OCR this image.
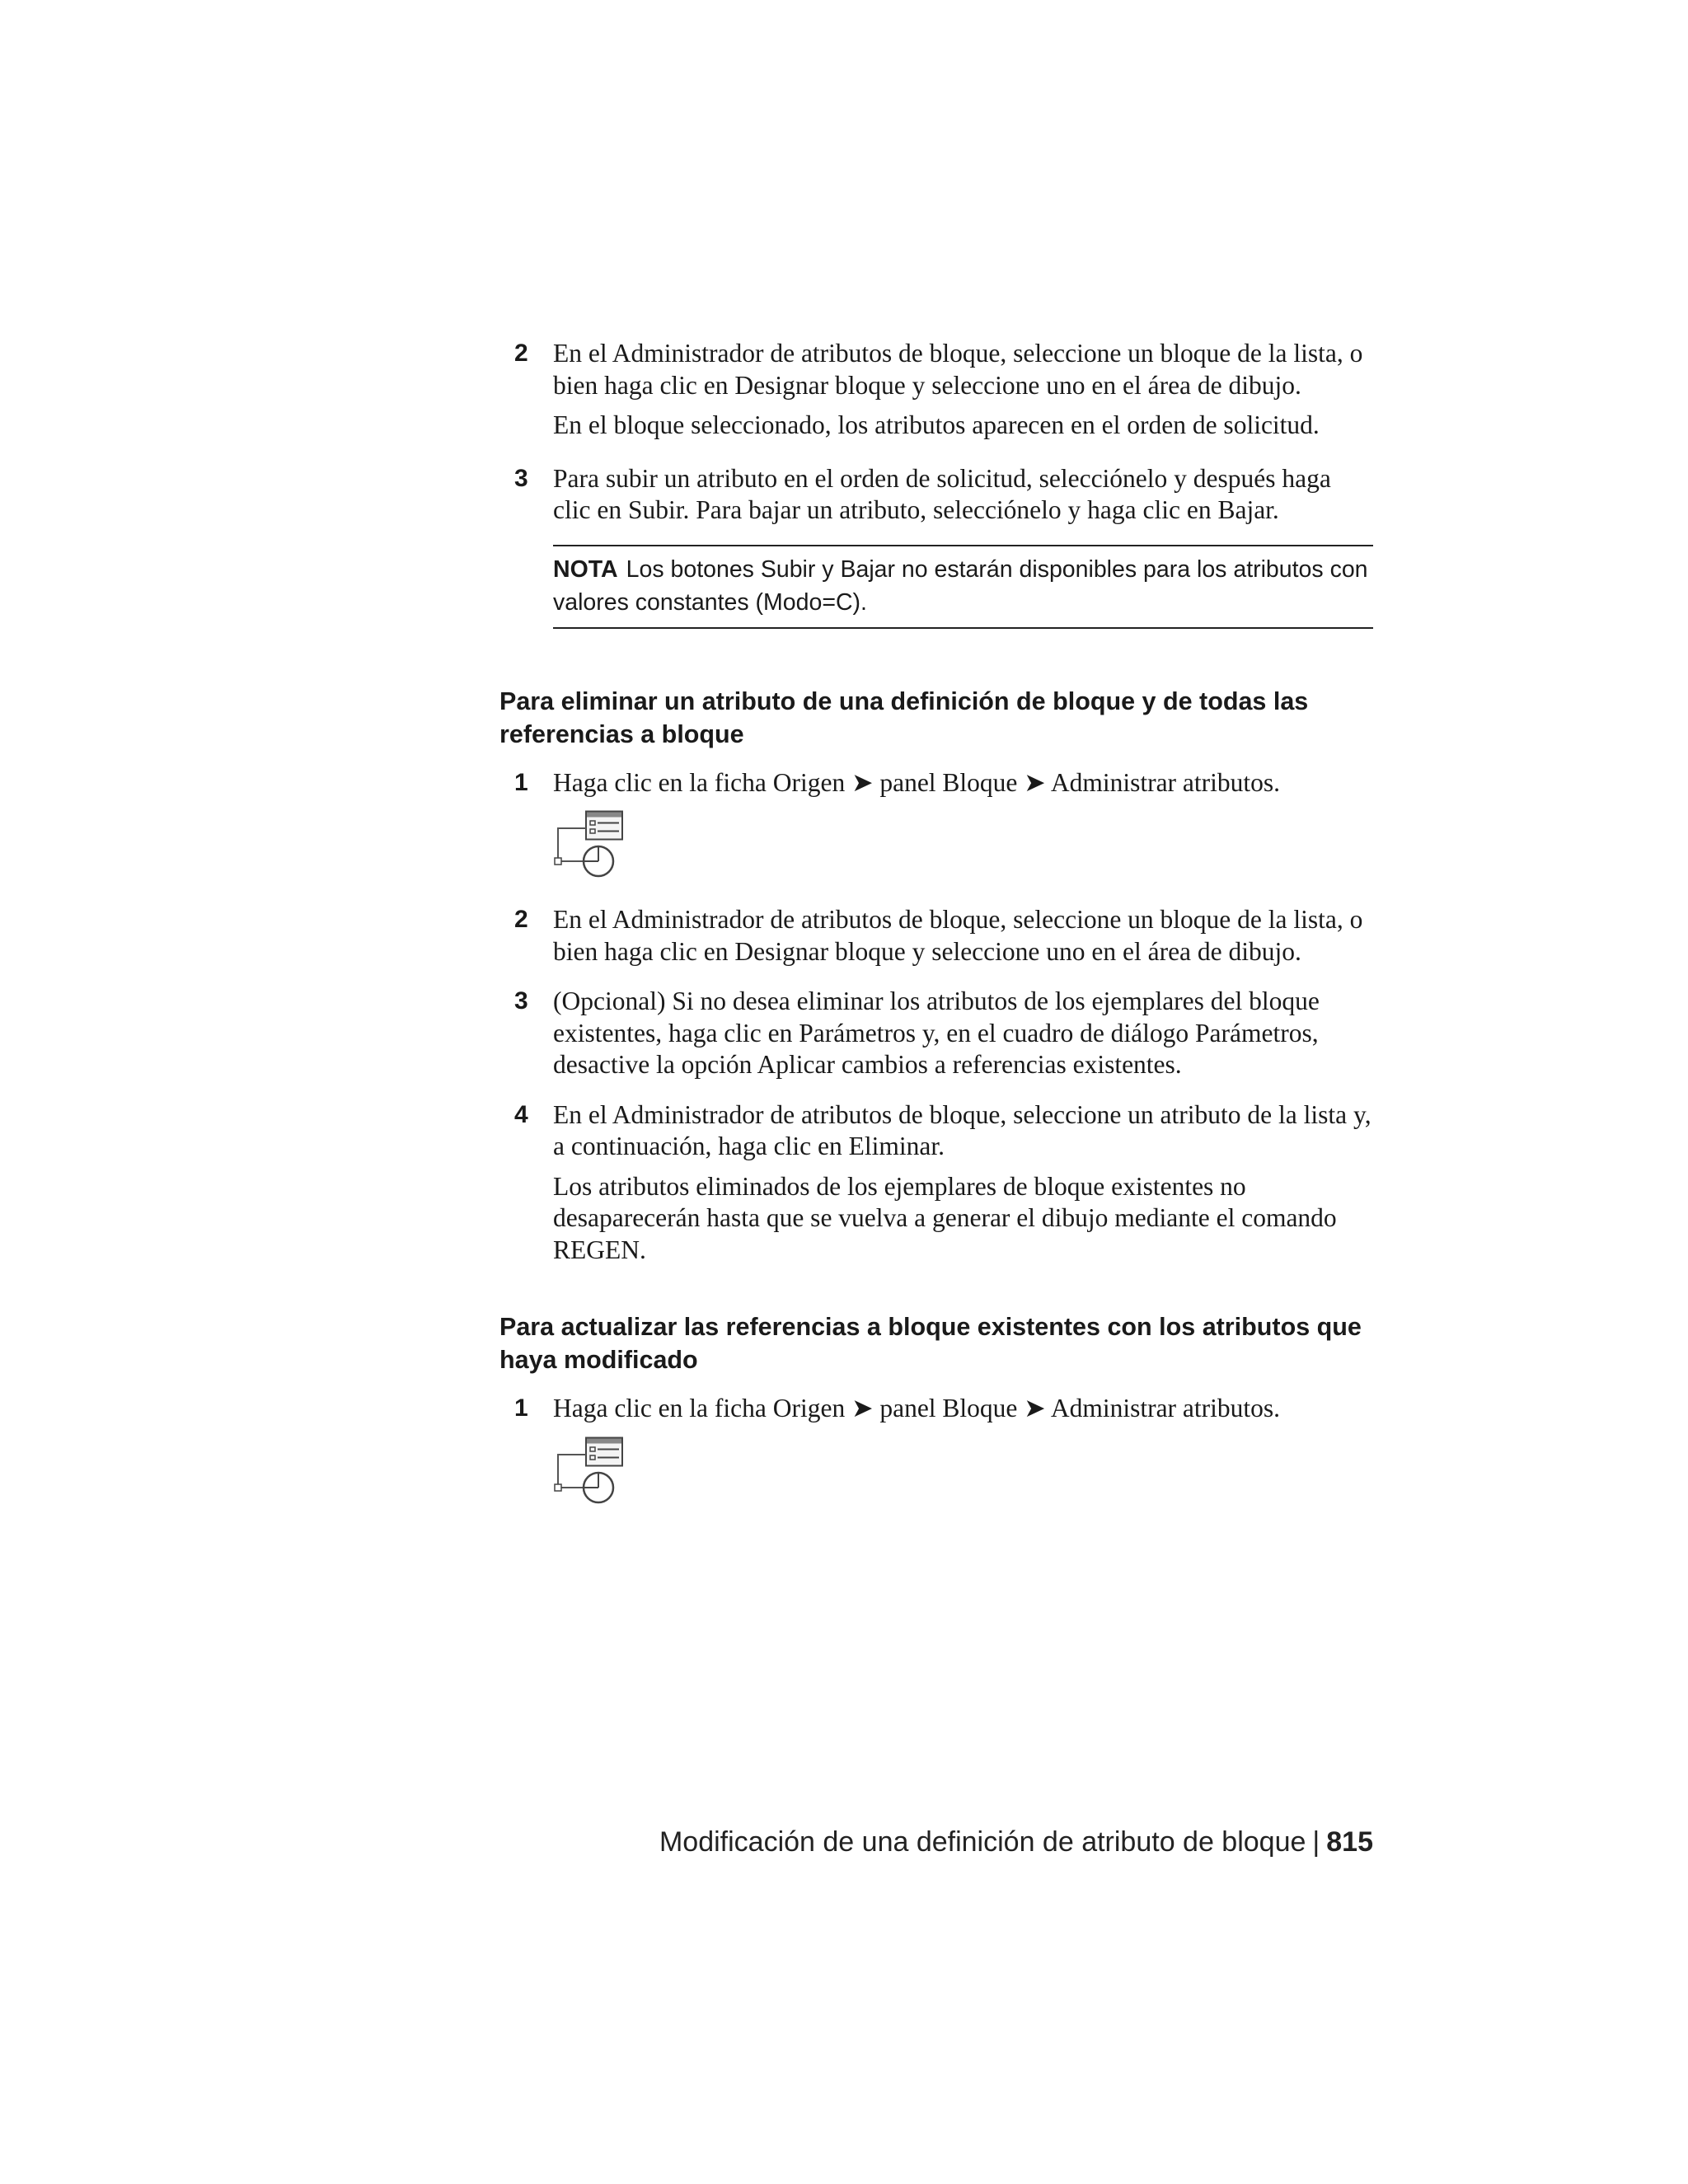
2 En el Administrador de atributos de bloque, seleccione un bloque de la lista, o bien haga clic en Designar bloque y seleccione uno en el área de dibujo.

En el bloque seleccionado, los atributos aparecen en el orden de solicitud.

3 Para subir un atributo en el orden de solicitud, selecciónelo y después haga clic en Subir. Para bajar un atributo, selecciónelo y haga clic en Bajar.

NOTA Los botones Subir y Bajar no estarán disponibles para los atributos con valores constantes (Modo=C).
Para eliminar un atributo de una definición de bloque y de todas las referencias a bloque
1 Haga clic en la ficha Origen ➤ panel Bloque ➤ Administrar atributos.

2 En el Administrador de atributos de bloque, seleccione un bloque de la lista, o bien haga clic en Designar bloque y seleccione uno en el área de dibujo.

3 (Opcional) Si no desea eliminar los atributos de los ejemplares del bloque existentes, haga clic en Parámetros y, en el cuadro de diálogo Parámetros, desactive la opción Aplicar cambios a referencias existentes.

4 En el Administrador de atributos de bloque, seleccione un atributo de la lista y, a continuación, haga clic en Eliminar.

Los atributos eliminados de los ejemplares de bloque existentes no desaparecerán hasta que se vuelva a generar el dibujo mediante el comando REGEN.

Para actualizar las referencias a bloque existentes con los atributos que haya modificado
1 Haga clic en la ficha Origen ➤ panel Bloque ➤ Administrar atributos.

Modificación de una definición de atributo de bloque | 815
